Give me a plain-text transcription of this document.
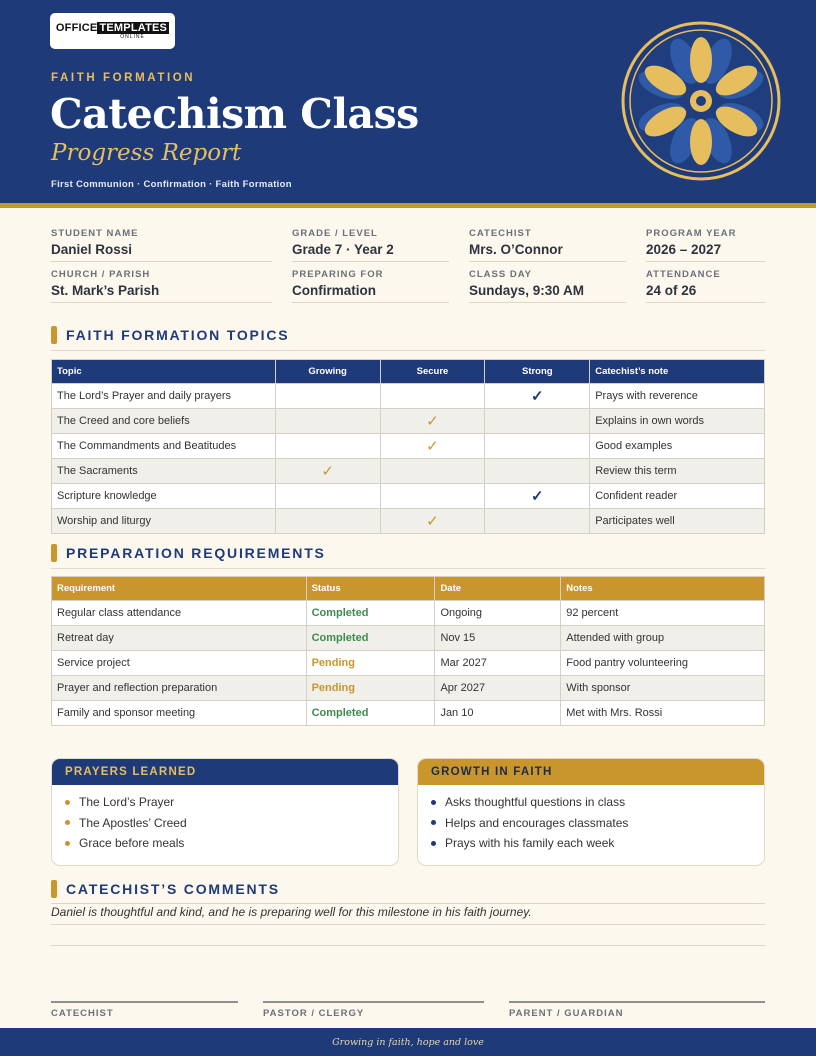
OFFICE TEMPLATES
ONLINE
FAITH FORMATION
Catechism Class
Progress Report
First Communion · Confirmation · Faith Formation
STUDENT NAME
Daniel Rossi
GRADE / LEVEL
Grade 7 · Year 2
CATECHIST
Mrs. O’Connor
PROGRAM YEAR
2026 – 2027
CHURCH / PARISH
St. Mark’s Parish
PREPARING FOR
Confirmation
CLASS DAY
Sundays, 9:30 AM
ATTENDANCE
24 of 26
FAITH FORMATION TOPICS
Topic	Growing	Secure	Strong	Catechist’s note
The Lord’s Prayer and daily prayers			✓	Prays with reverence
The Creed and core beliefs		✓		Explains in own words
The Commandments and Beatitudes		✓		Good examples
The Sacraments	✓			Review this term
Scripture knowledge			✓	Confident reader
Worship and liturgy		✓		Participates well
PREPARATION REQUIREMENTS
Requirement	Status	Date	Notes
Regular class attendance	Completed	Ongoing	92 percent
Retreat day	Completed	Nov 15	Attended with group
Service project	Pending	Mar 2027	Food pantry volunteering
Prayer and reflection preparation	Pending	Apr 2027	With sponsor
Family and sponsor meeting	Completed	Jan 10	Met with Mrs. Rossi
PRAYERS LEARNED
The Lord’s Prayer
The Apostles’ Creed
Grace before meals
GROWTH IN FAITH
Asks thoughtful questions in class
Helps and encourages classmates
Prays with his family each week
CATECHIST’S COMMENTS
Daniel is thoughtful and kind, and he is preparing well for this milestone in his faith journey.
CATECHIST	PASTOR / CLERGY	PARENT / GUARDIAN
Growing in faith, hope and love
